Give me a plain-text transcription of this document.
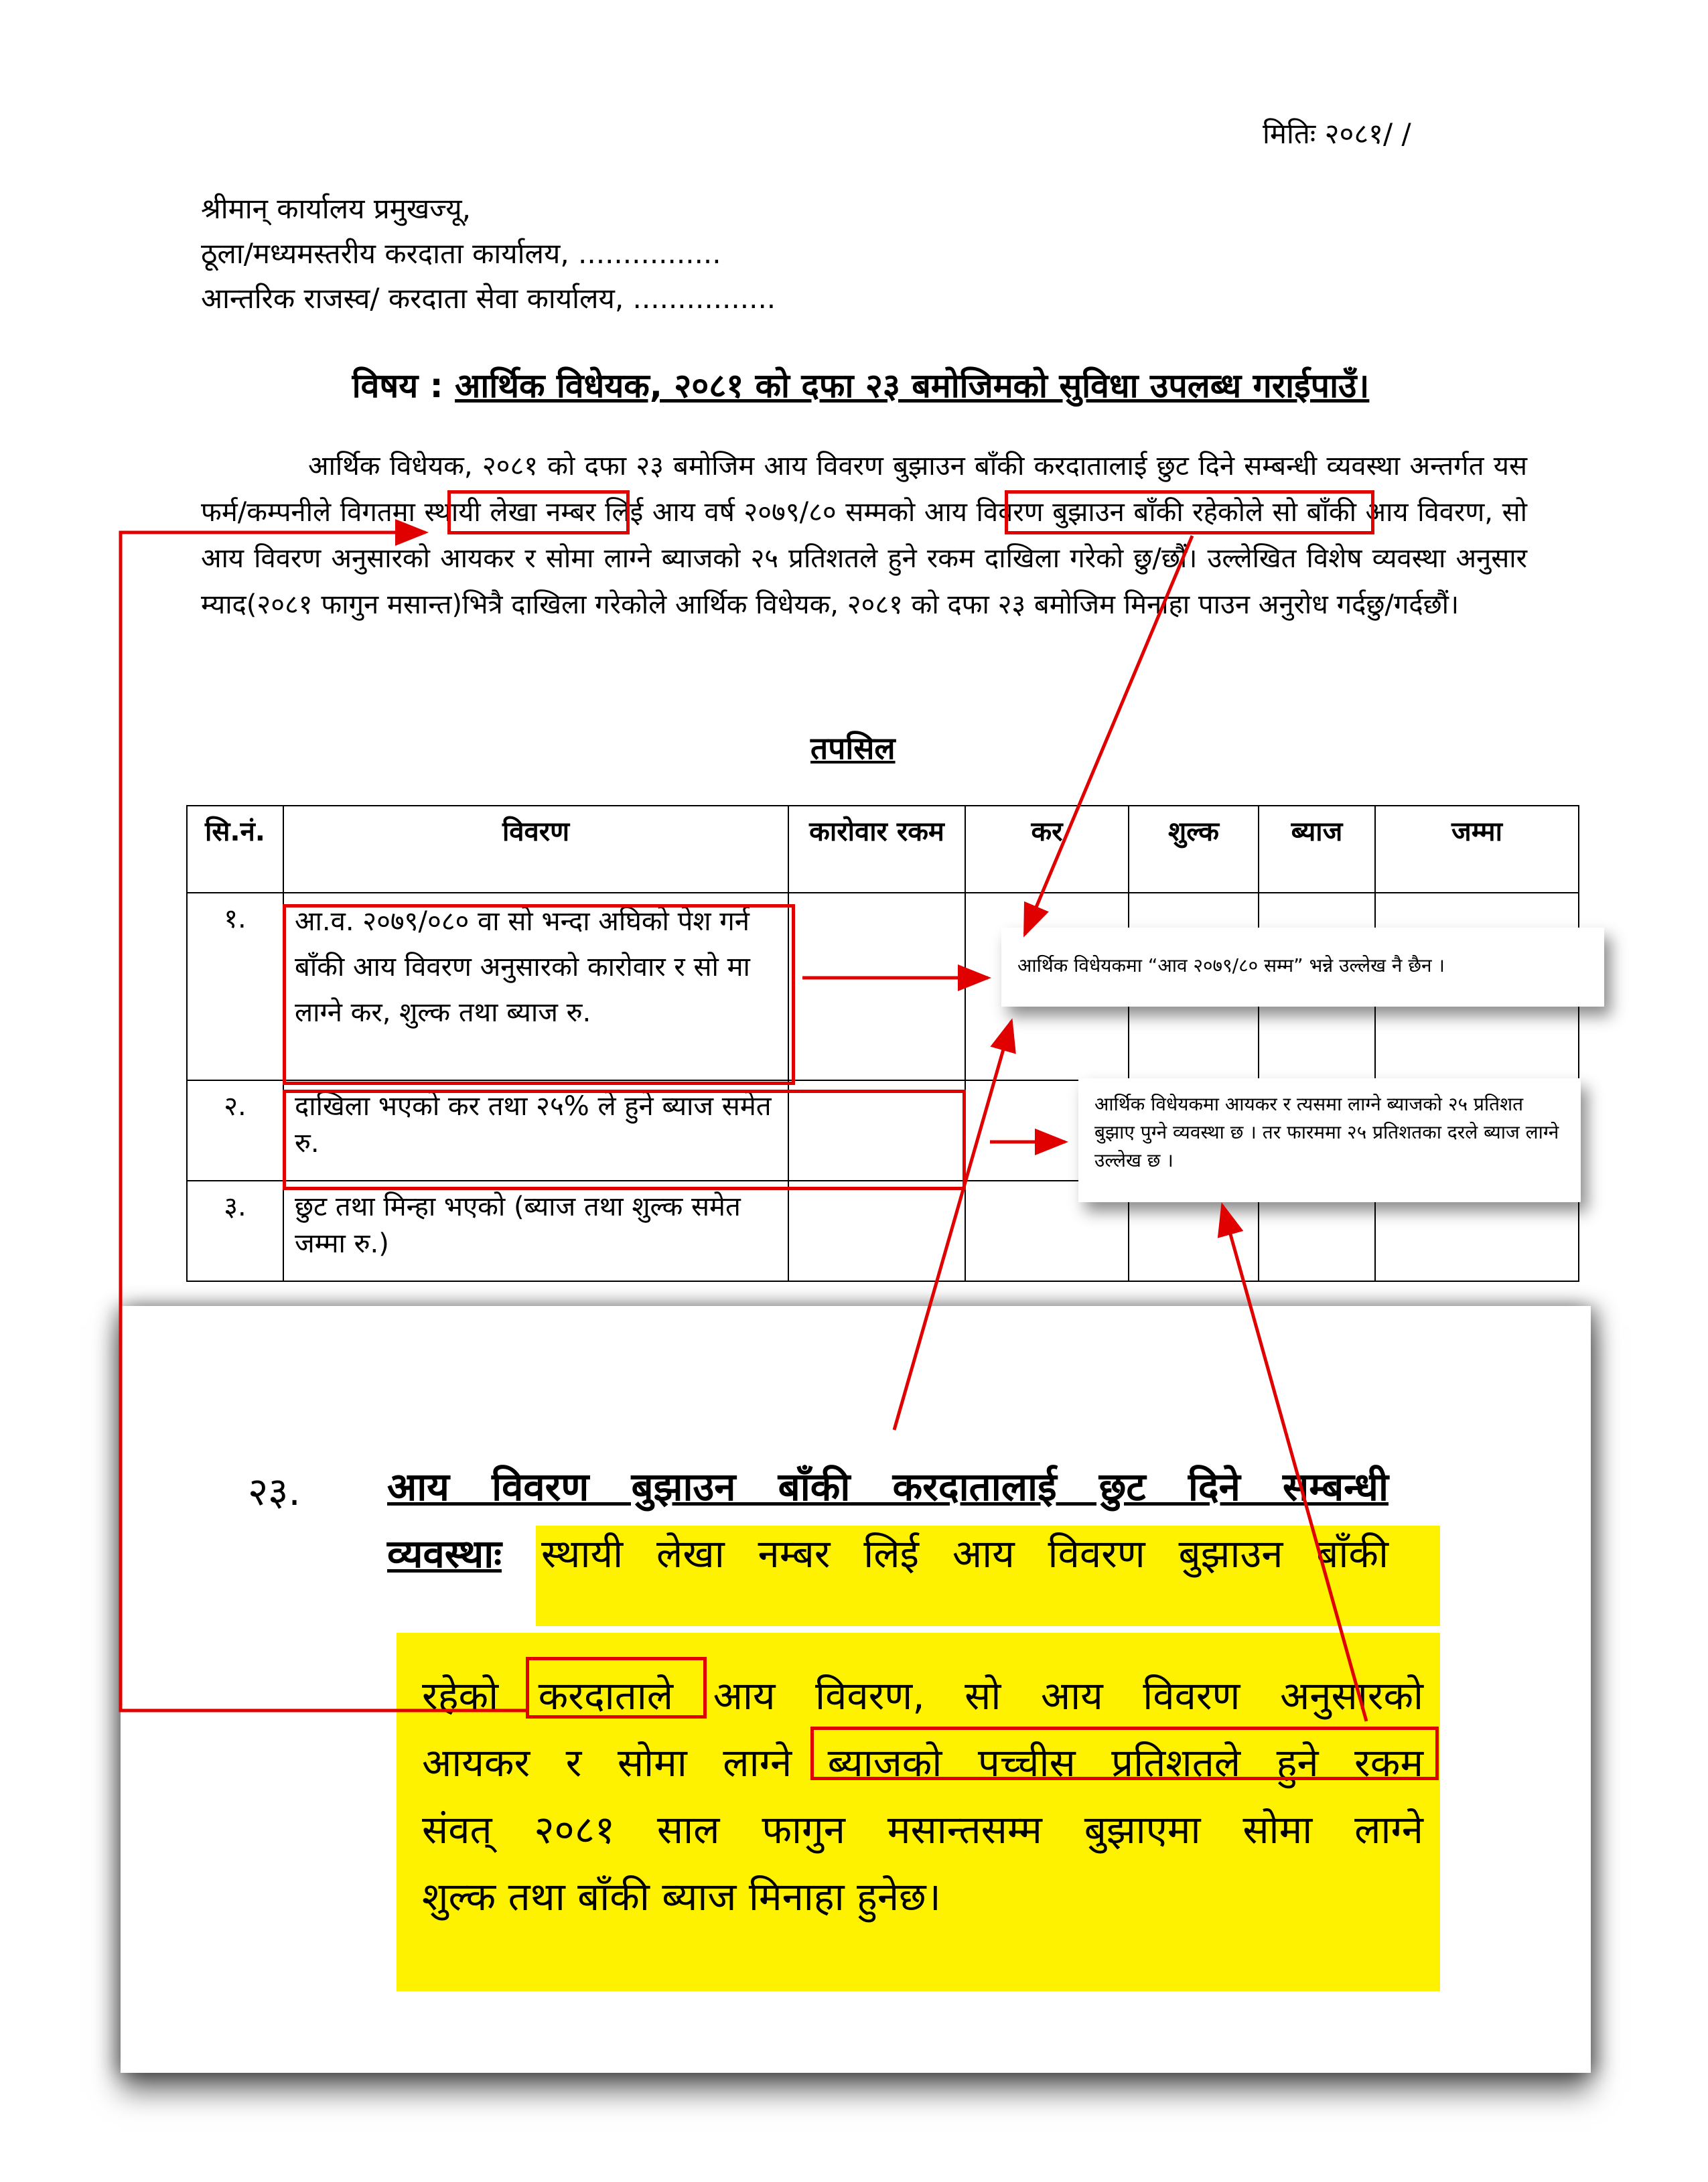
मितिः २०८१/ /
श्रीमान् कार्यालय प्रमुखज्यू,
ठूला/मध्यमस्तरीय करदाता कार्यालय, ................
आन्तरिक राजस्व/ करदाता सेवा कार्यालय, ................
विषय : आर्थिक विधेयक, २०८१ को दफा २३ बमोजिमको सुविधा उपलब्ध गराईपाउँ।
आर्थिक विधेयक, २०८१ को दफा २३ बमोजिम आय विवरण बुझाउन बाँकी करदातालाई छुट दिने सम्बन्धी व्यवस्था अन्तर्गत यस फर्म/कम्पनीले विगतमा स्थायी लेखा नम्बर लिई आय वर्ष २०७९/८० सम्मको आय विवरण बुझाउन बाँकी रहेकोले सो बाँकी आय विवरण, सो आय विवरण अनुसारको आयकर र सोमा लाग्ने ब्याजको २५ प्रतिशतले हुने रकम दाखिला गरेको छु/छौं। उल्लेखित विशेष व्यवस्था अनुसार म्याद(२०८१ फागुन मसान्त)भित्रै दाखिला गरेकोले आर्थिक विधेयक, २०८१ को दफा २३ बमोजिम मिनाहा पाउन अनुरोध गर्दछु/गर्दछौं।
तपसिल
सि.नं.	विवरण	कारोवार रकम	कर	शुल्क	ब्याज	जम्मा
१.	आ.व. २०७९/०८० वा सो भन्दा अघिको पेश गर्न बाँकी आय विवरण अनुसारको कारोवार र सो मा लाग्ने कर, शुल्क तथा ब्याज रु.					
२.	दाखिला भएको कर तथा २५% ले हुने ब्याज समेत रु.					
३.	छुट तथा मिन्हा भएको (ब्याज तथा शुल्क समेत जम्मा रु.)					
आर्थिक विधेयकमा “आव २०७९/८० सम्म” भन्ने उल्लेख नै छैन ।
आर्थिक विधेयकमा आयकर र त्यसमा लाग्ने ब्याजको २५ प्रतिशत बुझाए पुग्ने व्यवस्था छ । तर फारममा २५ प्रतिशतका दरले ब्याज लाग्ने उल्लेख छ ।
२३. आय विवरण बुझाउन बाँकी करदातालाई छुट दिने सम्बन्धी
व्यवस्थाः स्थायी लेखा नम्बर लिई आय विवरण बुझाउन बाँकी
रहेको करदाताले आय विवरण, सो आय विवरण अनुसारको
आयकर र सोमा लाग्ने ब्याजको पच्चीस प्रतिशतले हुने रकम
संवत् २०८१ साल फागुन मसान्तसम्म बुझाएमा सोमा लाग्ने
शुल्क तथा बाँकी ब्याज मिनाहा हुनेछ।
